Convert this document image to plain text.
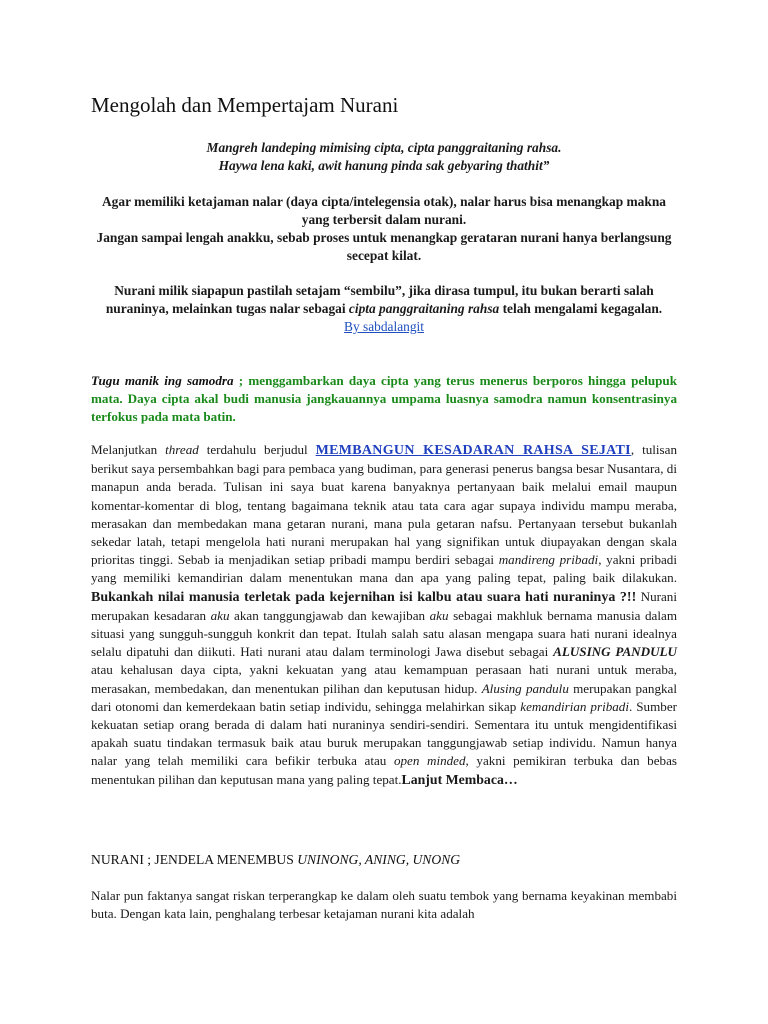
Mengolah dan Mempertajam Nurani
Mangreh landeping mimising cipta, cipta panggraitaning rahsa.
Haywa lena kaki, awit hanung pinda sak gebyaring thathit”
Agar memiliki ketajaman nalar (daya cipta/intelegensia otak), nalar harus bisa menangkap makna yang terbersit dalam nurani.
Jangan sampai lengah anakku, sebab proses untuk menangkap gerataran nurani hanya berlangsung secepat kilat.
Nurani milik siapapun pastilah setajam “sembilu”, jika dirasa tumpul, itu bukan berarti salah nuraninya, melainkan tugas nalar sebagai cipta panggraitaning rahsa telah mengalami kegagalan.
By sabdalangit
Tugu manik ing samodra ; menggambarkan daya cipta yang terus menerus berporos hingga pelupuk mata. Daya cipta akal budi manusia jangkauannya umpama luasnya samodra namun konsentrasinya terfokus pada mata batin.
Melanjutkan thread terdahulu berjudul MEMBANGUN KESADARAN RAHSA SEJATI, tulisan berikut saya persembahkan bagi para pembaca yang budiman, para generasi penerus bangsa besar Nusantara, di manapun anda berada. Tulisan ini saya buat karena banyaknya pertanyaan baik melalui email maupun komentar-komentar di blog, tentang bagaimana teknik atau tata cara agar supaya individu mampu meraba, merasakan dan membedakan mana getaran nurani, mana pula getaran nafsu. Pertanyaan tersebut bukanlah sekedar latah, tetapi mengelola hati nurani merupakan hal yang signifikan untuk diupayakan dengan skala prioritas tinggi. Sebab ia menjadikan setiap pribadi mampu berdiri sebagai mandireng pribadi, yakni pribadi yang memiliki kemandirian dalam menentukan mana dan apa yang paling tepat, paling baik dilakukan. Bukankah nilai manusia terletak pada kejernihan isi kalbu atau suara hati nuraninya ?!! Nurani merupakan kesadaran aku akan tanggungjawab dan kewajiban aku sebagai makhluk bernama manusia dalam situasi yang sungguh-sungguh konkrit dan tepat. Itulah salah satu alasan mengapa suara hati nurani idealnya selalu dipatuhi dan diikuti. Hati nurani atau dalam terminologi Jawa disebut sebagai ALUSING PANDULU atau kehalusan daya cipta, yakni kekuatan yang atau kemampuan perasaan hati nurani untuk meraba, merasakan, membedakan, dan menentukan pilihan dan keputusan hidup. Alusing pandulu merupakan pangkal dari otonomi dan kemerdekaan batin setiap individu, sehingga melahirkan sikap kemandirian pribadi. Sumber kekuatan setiap orang berada di dalam hati nuraninya sendiri-sendiri. Sementara itu untuk mengidentifikasi apakah suatu tindakan termasuk baik atau buruk merupakan tanggungjawab setiap individu. Namun hanya nalar yang telah memiliki cara befikir terbuka atau open minded, yakni pemikiran terbuka dan bebas menentukan pilihan dan keputusan mana yang paling tepat.Lanjut Membaca…
NURANI ; JENDELA MENEMBUS UNINONG, ANING, UNONG
Nalar pun faktanya sangat riskan terperangkap ke dalam oleh suatu tembok yang bernama keyakinan membabi buta. Dengan kata lain, penghalang terbesar ketajaman nurani kita adalah
